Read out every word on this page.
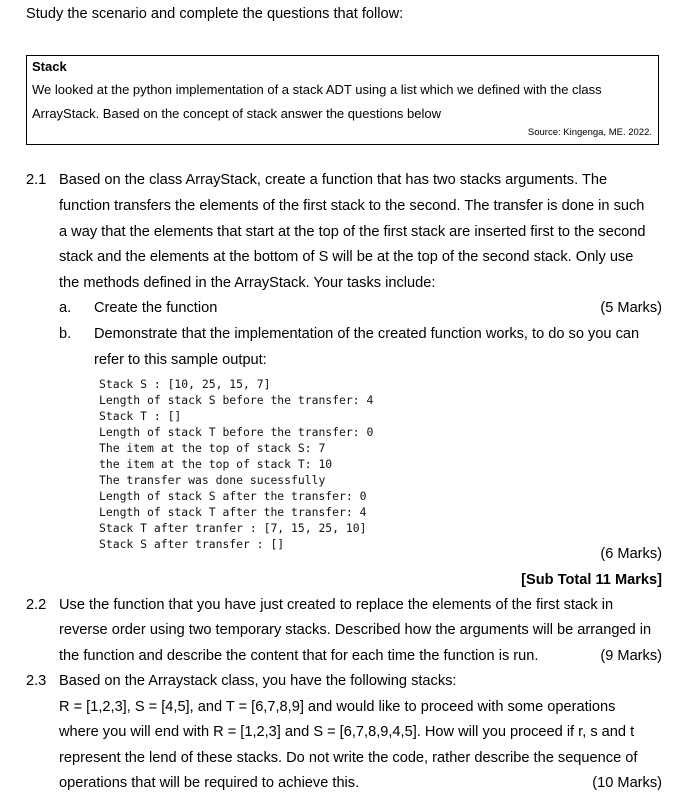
Study the scenario and complete the questions that follow:
Stack
We looked at the python implementation of a stack ADT using a list which we defined with the class
ArrayStack. Based on the concept of stack answer the questions below
Source: Kingenga, ME. 2022.
2.1 Based on the class ArrayStack, create a function that has two stacks arguments. The
function transfers the elements of the first stack to the second. The transfer is done in such
a way that the elements that start at the top of the first stack are inserted first to the second
stack and the elements at the bottom of S will be at the top of the second stack. Only use
the methods defined in the ArrayStack. Your tasks include:
a. Create the function	(5 Marks)
b. Demonstrate that the implementation of the created function works, to do so you can
refer to this sample output:
Stack S : [10, 25, 15, 7]
Length of stack S before the transfer: 4
Stack T : []
Length of stack T before the transfer: 0
The item at the top of stack S: 7
the item at the top of stack T: 10
The transfer was done sucessfully
Length of stack S after the transfer: 0
Length of stack T after the transfer: 4
Stack T after tranfer : [7, 15, 25, 10]
Stack S after transfer : []
(6 Marks)
[Sub Total 11 Marks]
2.2 Use the function that you have just created to replace the elements of the first stack in
reverse order using two temporary stacks. Described how the arguments will be arranged in
the function and describe the content that for each time the function is run.	(9 Marks)
2.3 Based on the Arraystack class, you have the following stacks:
R = [1,2,3], S = [4,5], and T = [6,7,8,9] and would like to proceed with some operations
where you will end with R = [1,2,3] and S = [6,7,8,9,4,5]. How will you proceed if r, s and t
represent the lend of these stacks. Do not write the code, rather describe the sequence of
operations that will be required to achieve this.	(10 Marks)
